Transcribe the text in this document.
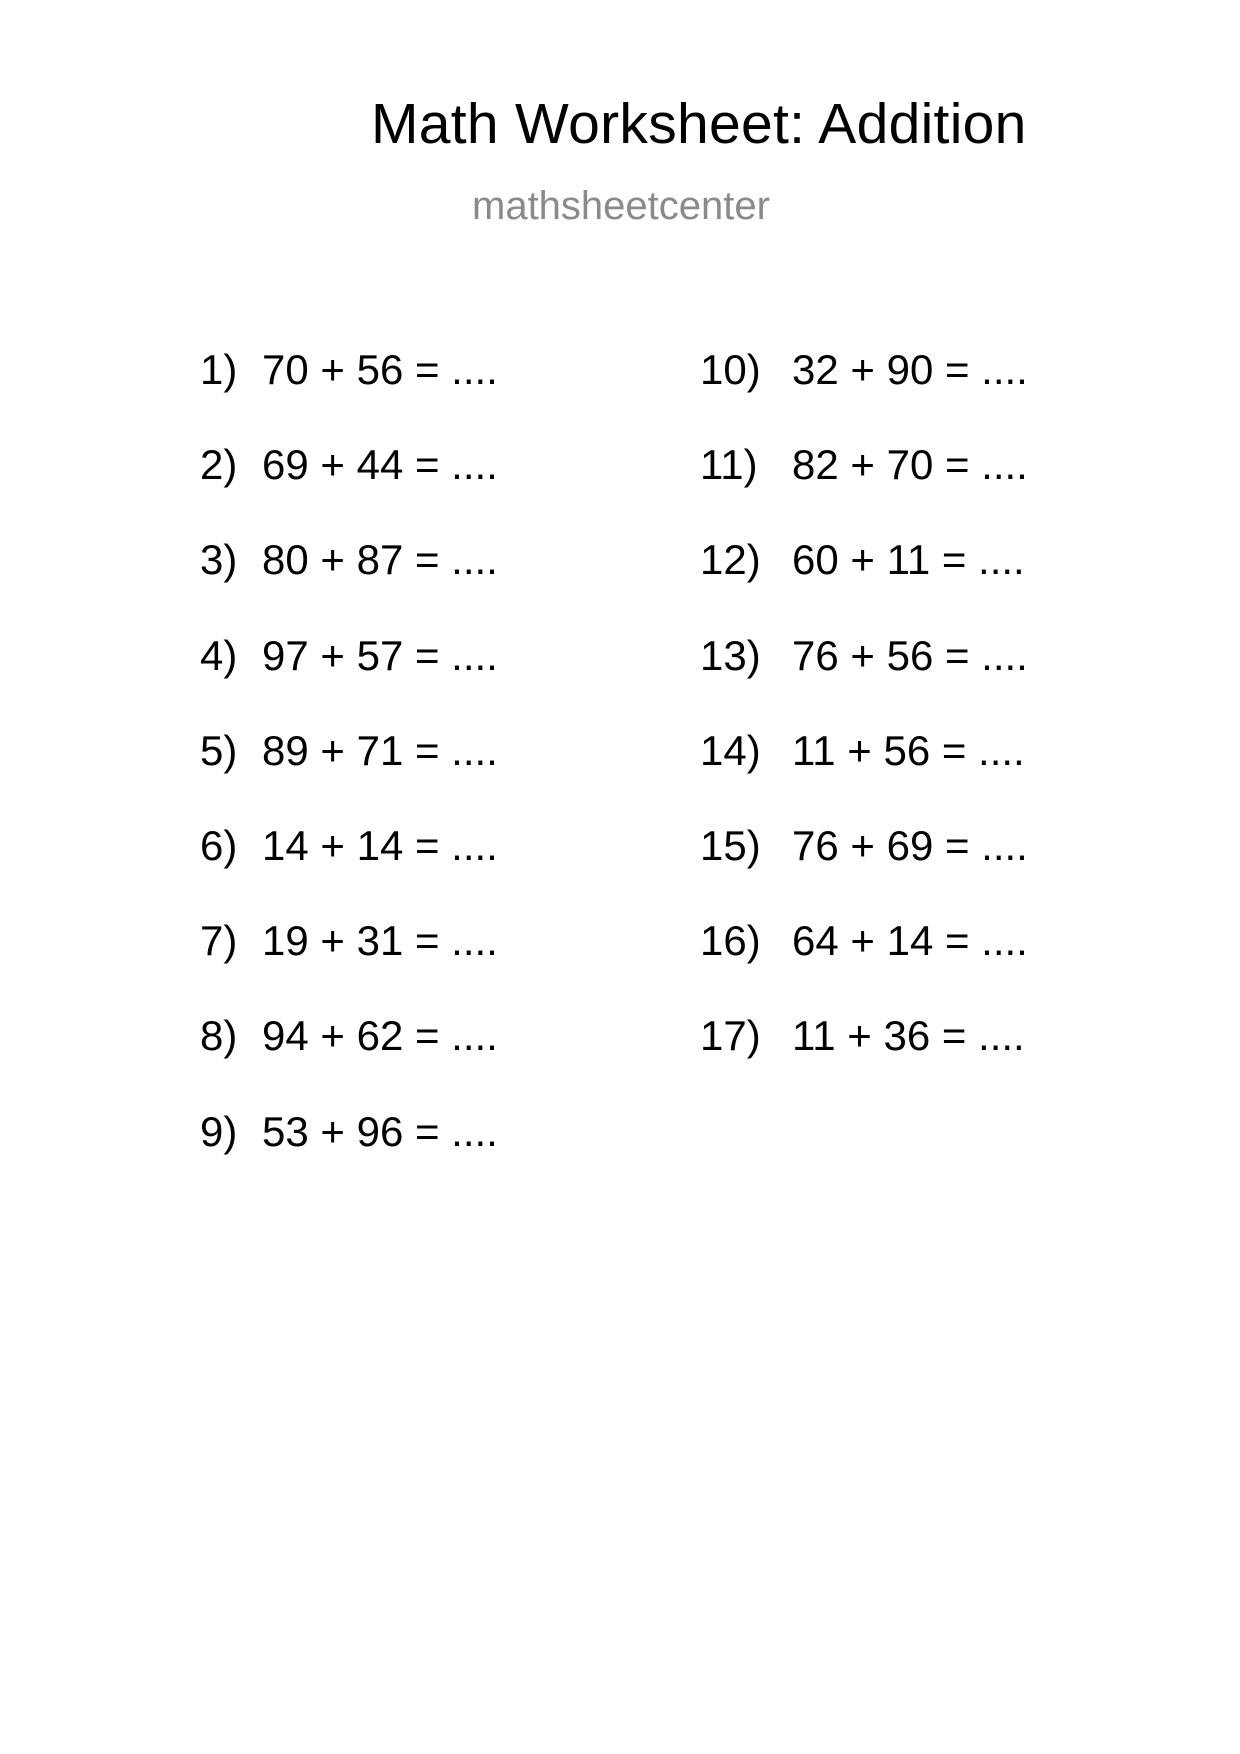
Math Worksheet: Addition
mathsheetcenter
1) 70 + 56 = ....
2) 69 + 44 = ....
3) 80 + 87 = ....
4) 97 + 57 = ....
5) 89 + 71 = ....
6) 14 + 14 = ....
7) 19 + 31 = ....
8) 94 + 62 = ....
9) 53 + 96 = ....
10) 32 + 90 = ....
11) 82 + 70 = ....
12) 60 + 11 = ....
13) 76 + 56 = ....
14) 11 + 56 = ....
15) 76 + 69 = ....
16) 64 + 14 = ....
17) 11 + 36 = ....
